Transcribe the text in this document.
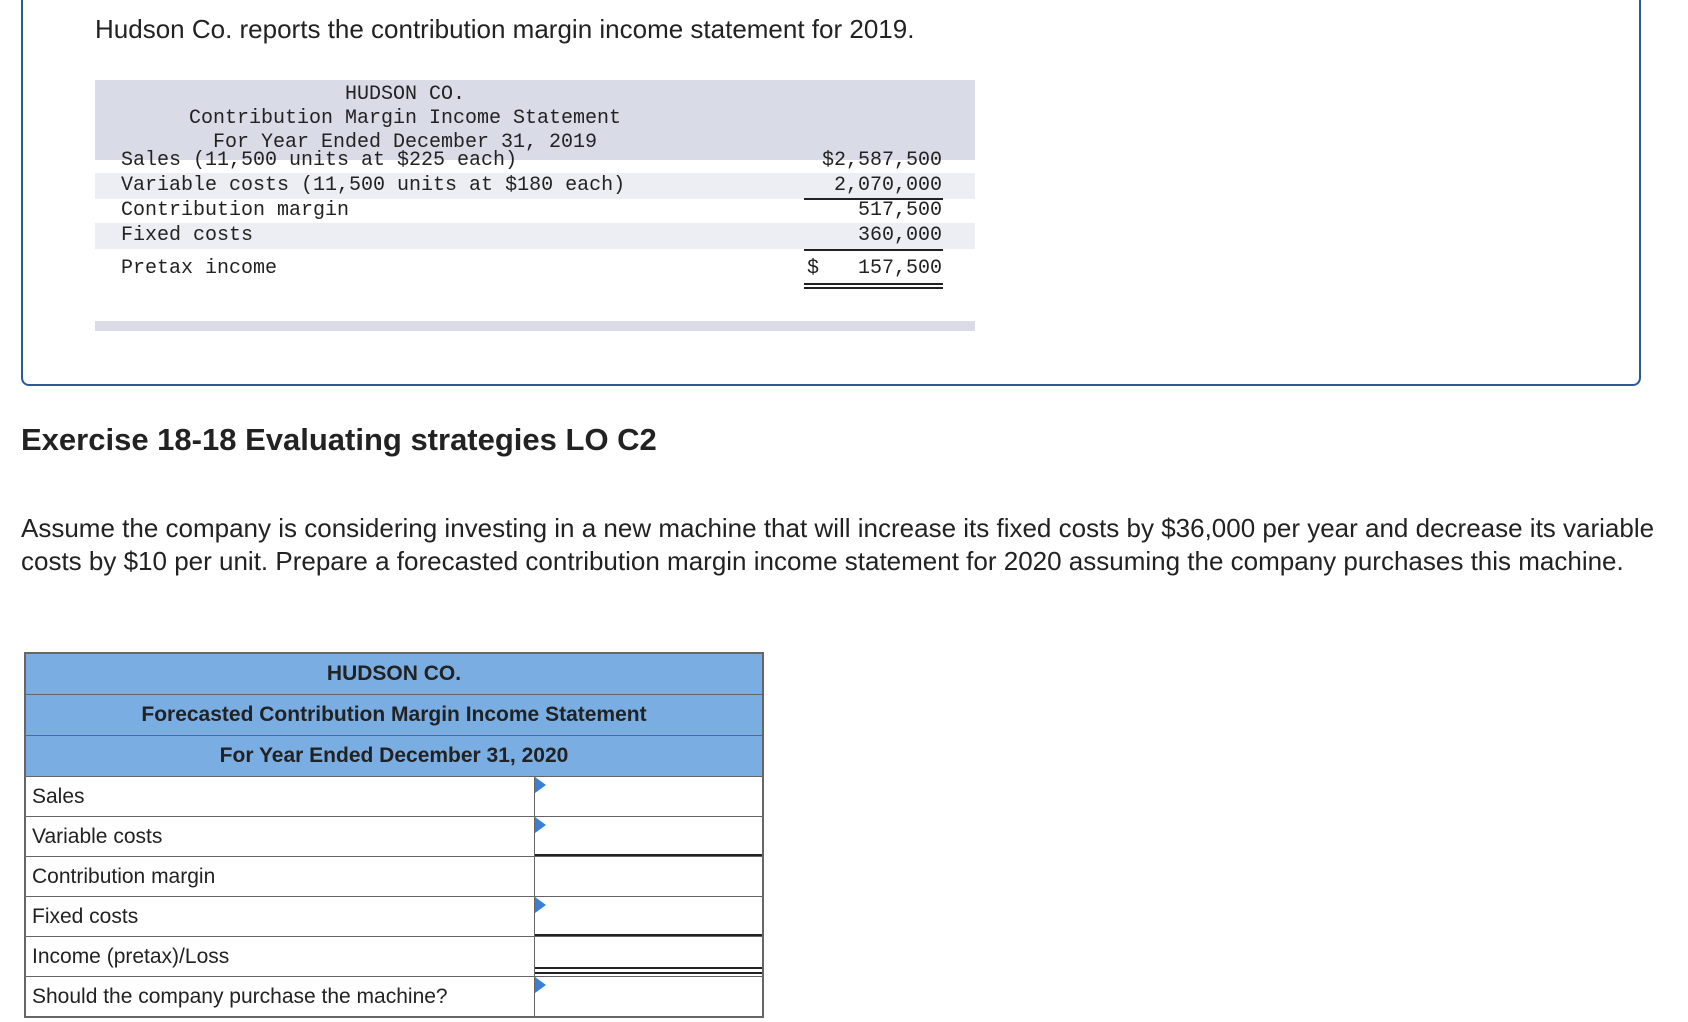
Hudson Co. reports the contribution margin income statement for 2019.
HUDSON CO.
Contribution Margin Income Statement
For Year Ended December 31, 2019
Sales (11,500 units at $225 each)	$2,587,500
Variable costs (11,500 units at $180 each)	2,070,000
Contribution margin	517,500
Fixed costs	360,000
Pretax income	$ 157,500
Exercise 18-18 Evaluating strategies LO C2
Assume the company is considering investing in a new machine that will increase its fixed costs by $36,000 per year and decrease its variable costs by $10 per unit. Prepare a forecasted contribution margin income statement for 2020 assuming the company purchases this machine.
HUDSON CO.
Forecasted Contribution Margin Income Statement
For Year Ended December 31, 2020
Sales
Variable costs
Contribution margin
Fixed costs
Income (pretax)/Loss
Should the company purchase the machine?
